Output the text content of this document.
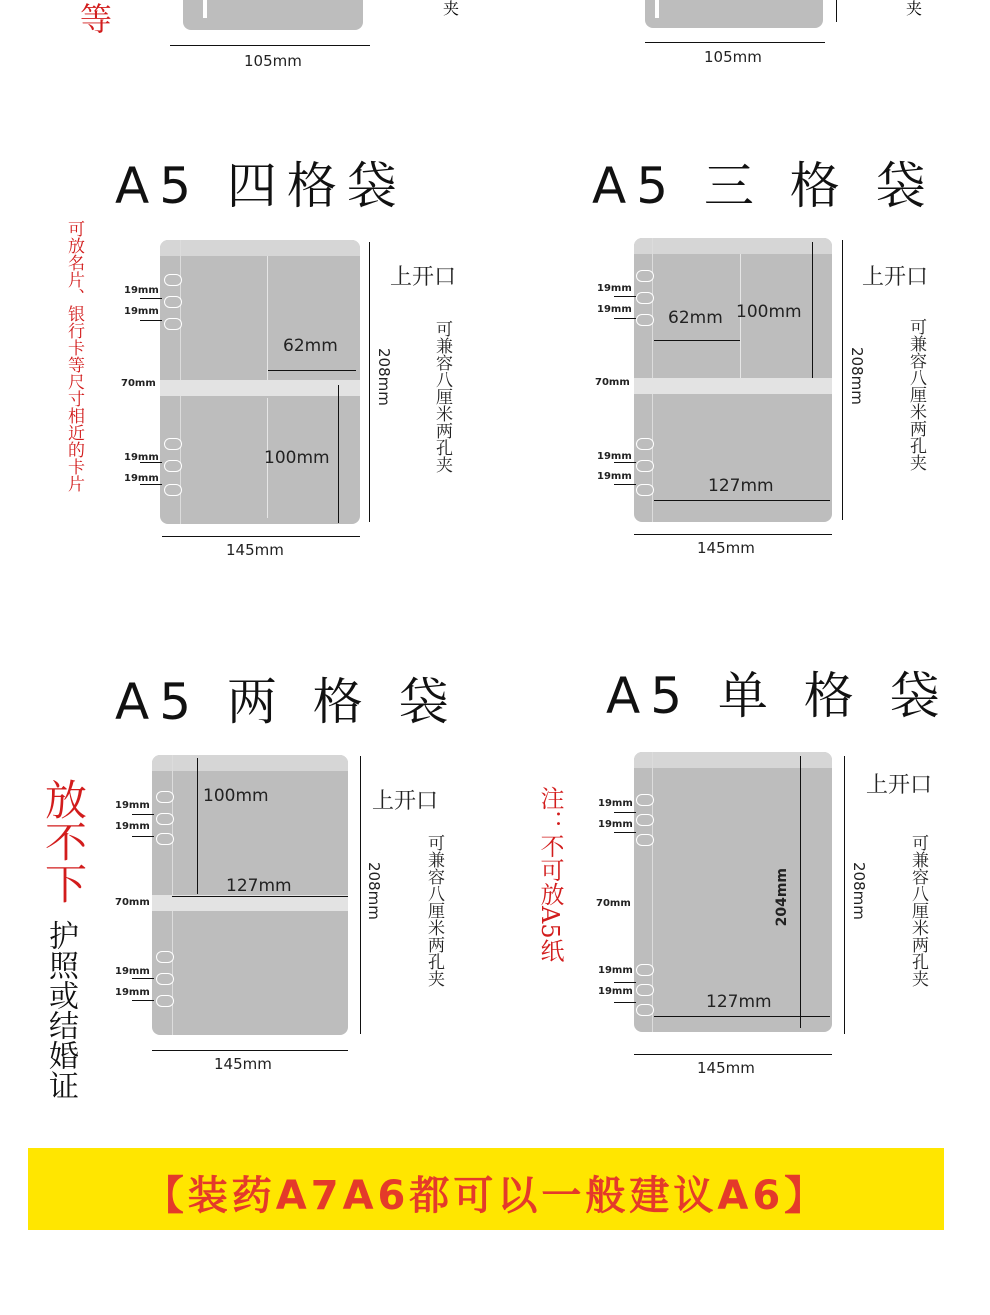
等
105mm
夹
105mm
夹
A5 四格袋
可放名片、银行卡等尺寸相近的卡片	19mm
19mm
70mm
19mm
19mm
62mm
100mm
145mm
208mm
上开口
可兼容八厘米两孔夹
A5 三 格 袋
19mm
19mm
70mm
19mm
19mm
62mm 100mm
127mm
145mm
208mm
上开口
可兼容八厘米两孔夹
A5 两 格 袋
放不下
护照或结婚证
19mm
19mm
70mm
19mm
19mm
100mm
127mm
145mm
208mm
上开口
可兼容八厘米两孔夹
A5 单 格 袋
注：不可放A5纸	19mm
19mm
70mm
19mm
19mm
204mm
127mm
145mm
208mm
上开口
可兼容八厘米两孔夹
【装药A7A6都可以一般建议A6】
